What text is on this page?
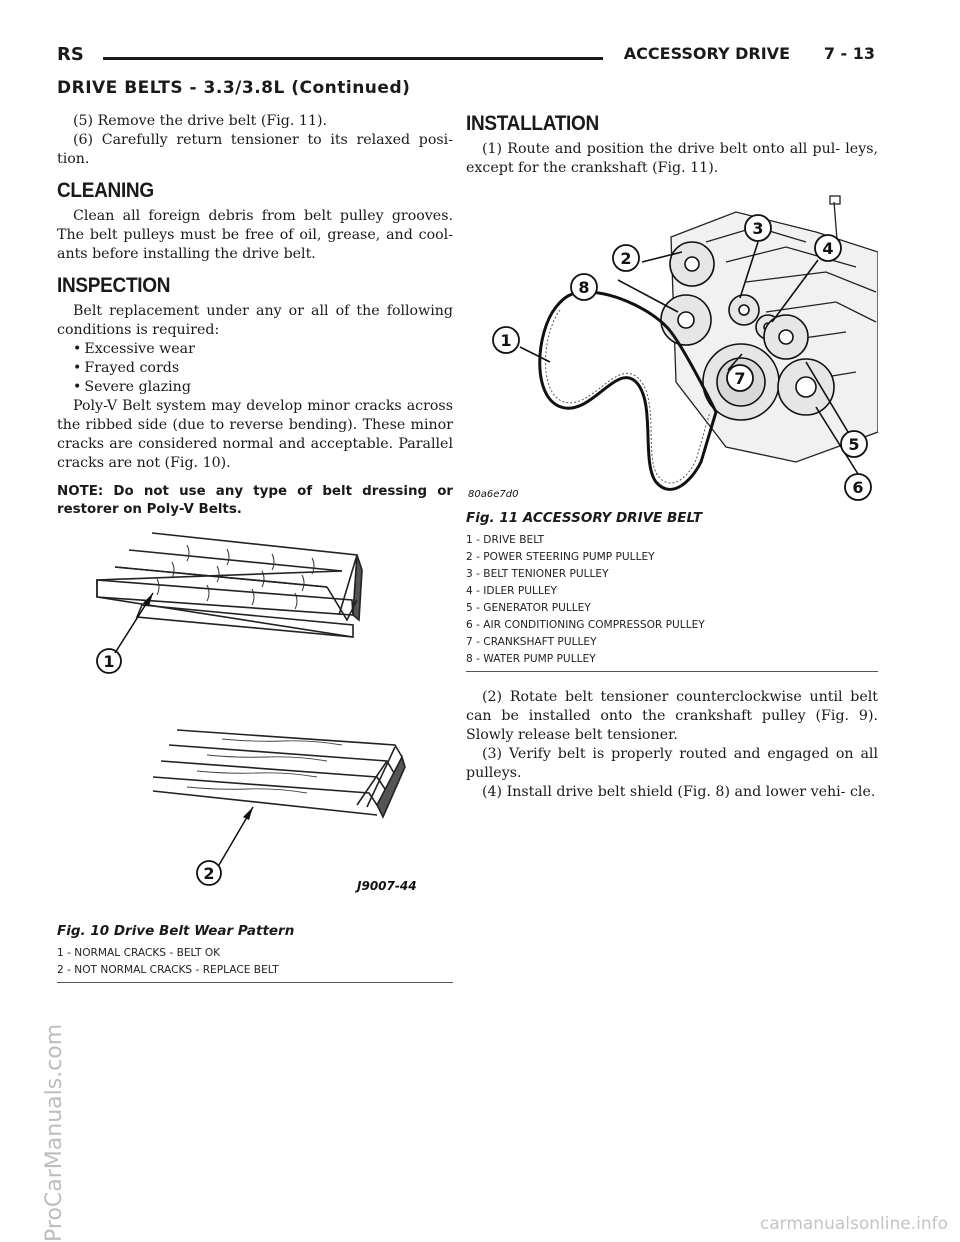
RS	ACCESSORY DRIVE 7 - 13
DRIVE BELTS - 3.3/3.8L (Continued)

(5) Remove the drive belt (Fig. 11).

(6) Carefully return tensioner to its relaxed posi- tion.

CLEANING

Clean all foreign debris from belt pulley grooves. The belt pulleys must be free of oil, grease, and cool- ants before installing the drive belt.

INSPECTION

Belt replacement under any or all of the following conditions is required:

• Excessive wear
• Frayed cords
• Severe glazing

Poly-V Belt system may develop minor cracks across the ribbed side (due to reverse bending). These minor cracks are considered normal and acceptable. Parallel cracks are not (Fig. 10).

NOTE: Do not use any type of belt dressing or restorer on Poly-V Belts.
1
2
J9007-44
Fig. 10 Drive Belt Wear Pattern
1 - NORMAL CRACKS - BELT OK
2 - NOT NORMAL CRACKS - REPLACE BELT
INSTALLATION

(1) Route and position the drive belt onto all pul- leys, except for the crankshaft (Fig. 11).

1
2
3
4
5
6
7
8
80a6e7d0
Fig. 11 ACCESSORY DRIVE BELT
1 - DRIVE BELT
2 - POWER STEERING PUMP PULLEY
3 - BELT TENIONER PULLEY
4 - IDLER PULLEY
5 - GENERATOR PULLEY
6 - AIR CONDITIONING COMPRESSOR PULLEY
7 - CRANKSHAFT PULLEY
8 - WATER PUMP PULLEY

(2) Rotate belt tensioner counterclockwise until belt can be installed onto the crankshaft pulley (Fig. 9). Slowly release belt tensioner.

(3) Verify belt is properly routed and engaged on all pulleys.

(4) Install drive belt shield (Fig. 8) and lower vehi- cle.

ProCarManuals.com	carmanualsonline.info
